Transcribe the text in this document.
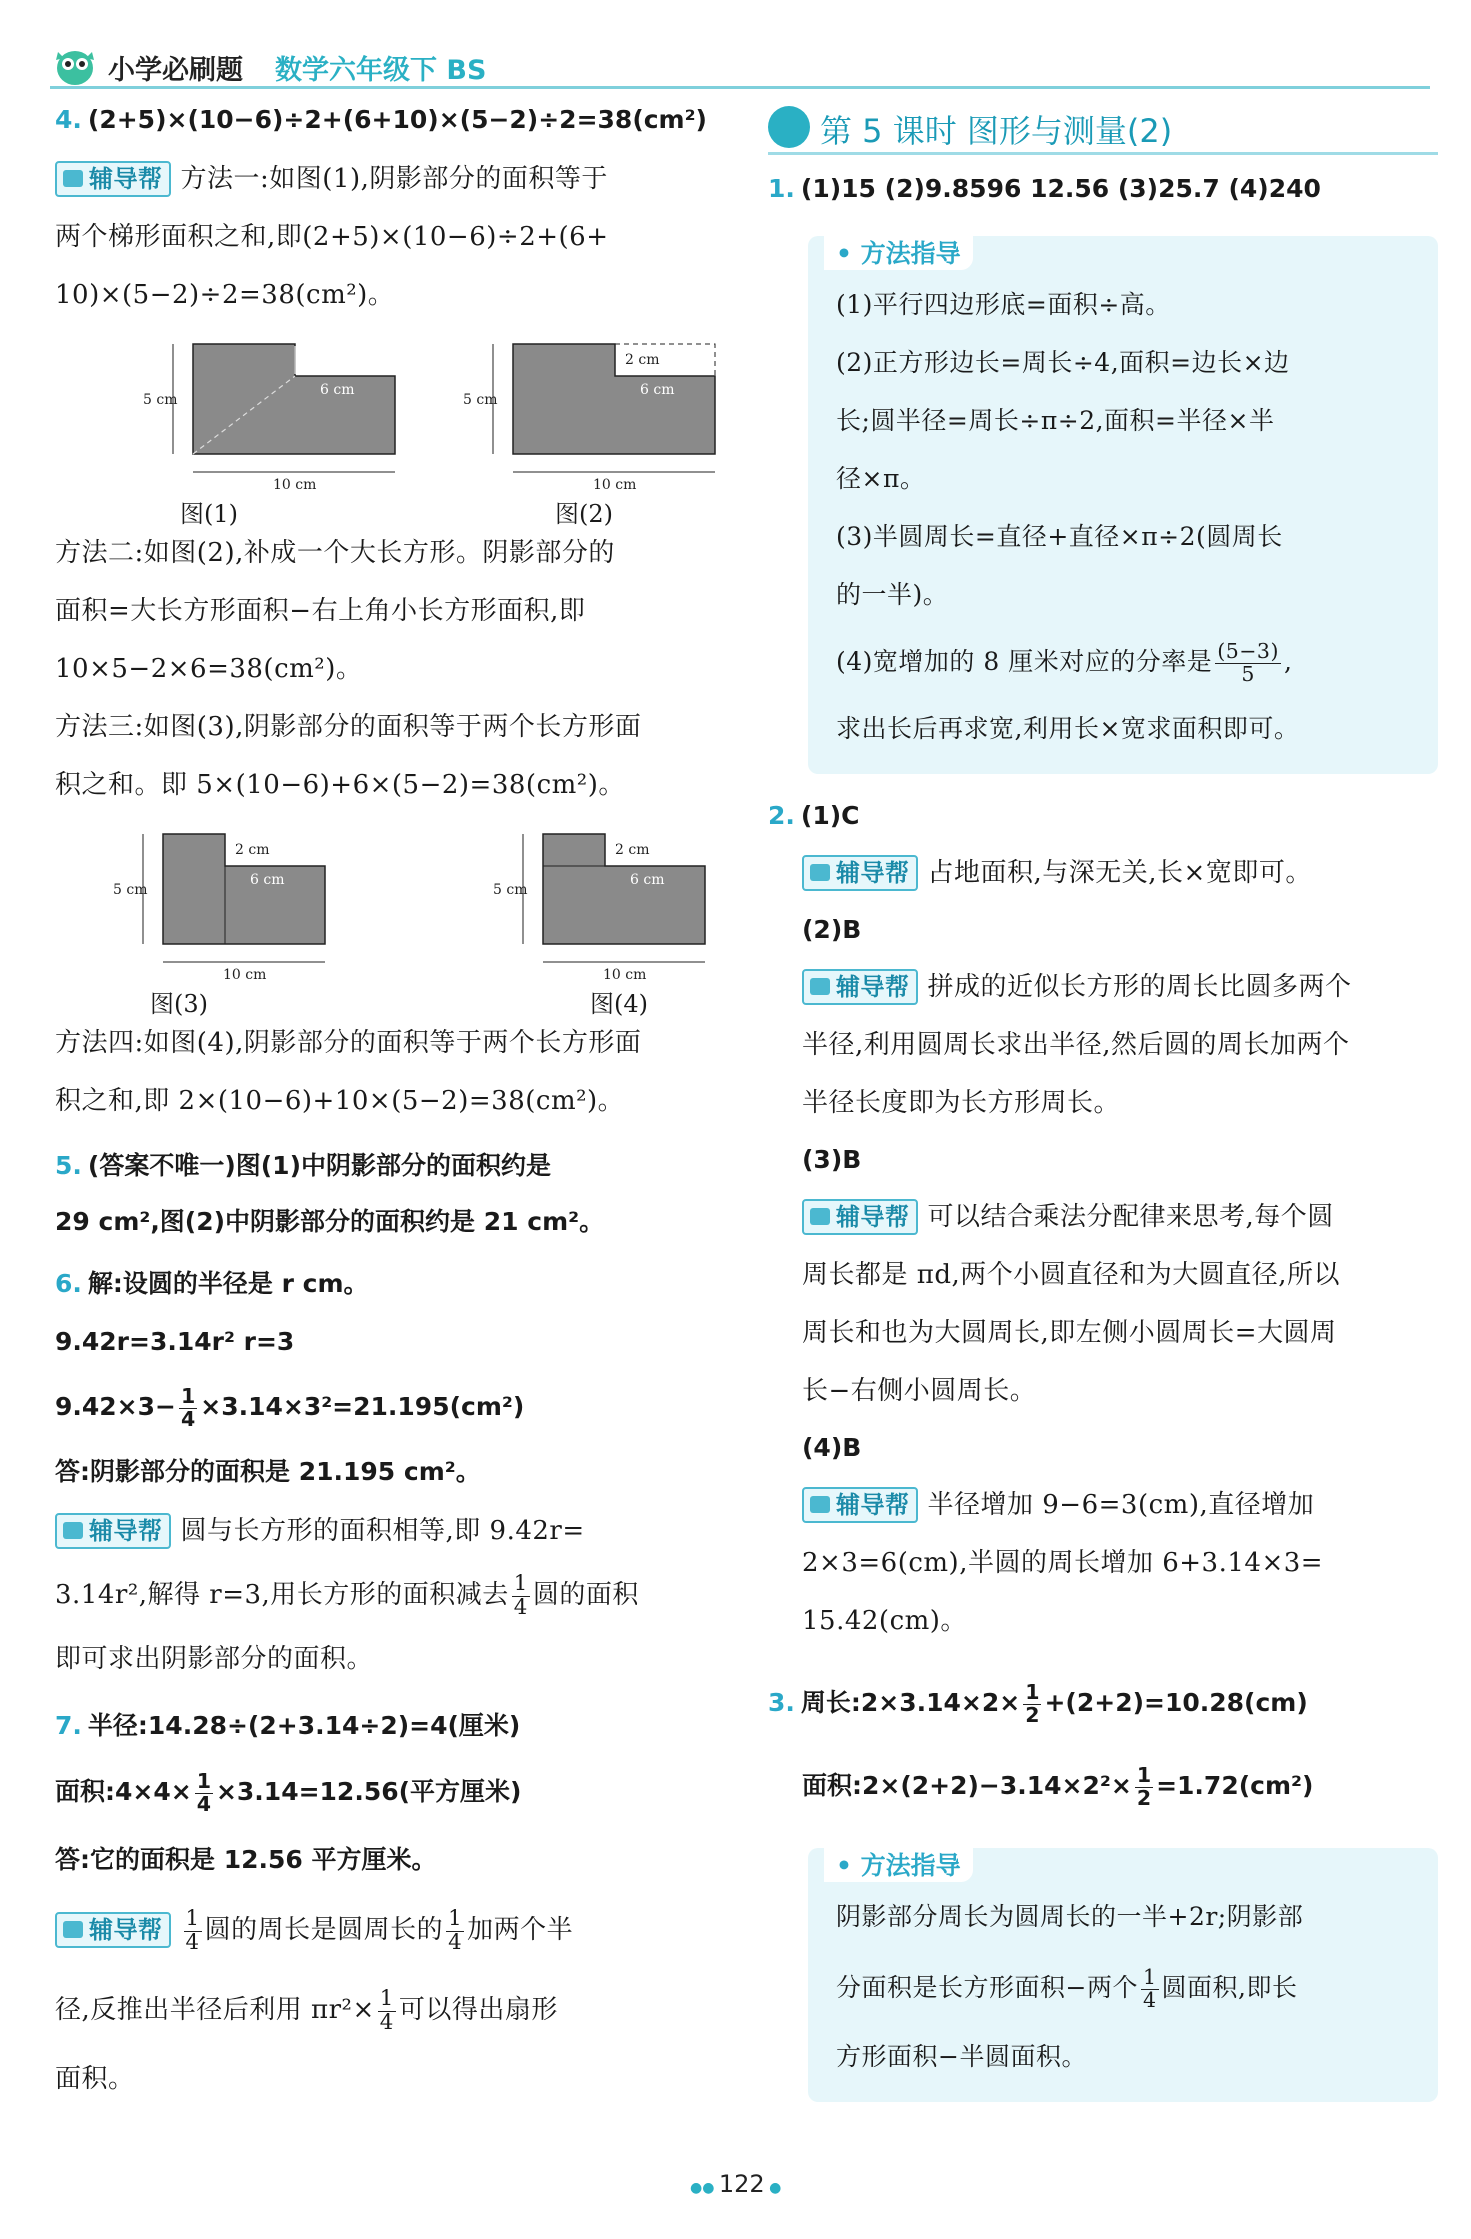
小学必刷题 数学六年级下 BS

4. (2+5)×(10−6)÷2+(6+10)×(5−2)÷2=38(cm²)

辅导帮 方法一:如图(1),阴影部分的面积等于

两个梯形面积之和,即(2+5)×(10−6)÷2+(6+

10)×(5−2)÷2=38(cm²)。

2 cm
6 cm
5 cm
10 cm
图(1)
2 cm
6 cm
5 cm
10 cm
图(2)

方法二:如图(2),补成一个大长方形。阴影部分的

面积=大长方形面积−右上角小长方形面积,即

10×5−2×6=38(cm²)。

方法三:如图(3),阴影部分的面积等于两个长方形面

积之和。即 5×(10−6)+6×(5−2)=38(cm²)。

2 cm
6 cm
5 cm
10 cm
图(3)
2 cm
6 cm
5 cm
10 cm
图(4)

方法四:如图(4),阴影部分的面积等于两个长方形面

积之和,即 2×(10−6)+10×(5−2)=38(cm²)。

5. (答案不唯一)图(1)中阴影部分的面积约是

29 cm²,图(2)中阴影部分的面积约是 21 cm²。

6. 解:设圆的半径是 r cm。

9.42r=3.14r² r=3

$9.42\times 3- \frac{1}{4} \times 3.14\times 3^2=21.195(cm^2)$

答:阴影部分的面积是 21.195 cm²。

辅导帮 圆与长方形的面积相等,即 9.42r=

3.14r²,解得 r=3,用长方形的面积减去 $\frac{1}{4}$ 圆的面积

即可求出阴影部分的面积。

7. 半径:14.28÷(2+3.14÷2)=4(厘米)

面积:4×4× $\frac{1}{4} \times 3.14=12.56$(平方厘米)

答:它的面积是 12.56 平方厘米。

辅导帮 $\frac{1}{4}$ 圆的周长是圆周长的 $\frac{1}{4}$ 加两个半

径,反推出半径后利用 $\pi r^2\times \frac{1}{4}$ 可以得出扇形

面积。

第 5 课时 图形与测量(2)

1. (1)15 (2)9.8596 12.56 (3)25.7 (4)240

• 方法指导

(1)平行四边形底=面积÷高。

(2)正方形边长=周长÷4,面积=边长×边

长;圆半径=周长÷π÷2,面积=半径×半

径×π。

(3)半圆周长=直径+直径×π÷2(圆周长

的一半)。

(4)宽增加的 8 厘米对应的分率是 $\frac{(5-3)}{5}$ ,

求出长后再求宽,利用长×宽求面积即可。

2. (1)C

辅导帮 占地面积,与深无关,长×宽即可。

(2)B

辅导帮 拼成的近似长方形的周长比圆多两个

半径,利用圆周长求出半径,然后圆的周长加两个

半径长度即为长方形周长。

(3)B

辅导帮 可以结合乘法分配律来思考,每个圆

周长都是 πd,两个小圆直径和为大圆直径,所以

周长和也为大圆周长,即左侧小圆周长=大圆周

长−右侧小圆周长。

(4)B

辅导帮 半径增加 9−6=3(cm),直径增加

2×3=6(cm),半圆的周长增加 6+3.14×3=

15.42(cm)。

3. 周长:2×3.14×2× $\frac{1}{2} +(2+2)=10.28(cm)$

面积:2×(2+2)−3.14×2²× $\frac{1}{2} =1.72(cm^2)$

• 方法指导

阴影部分周长为圆周长的一半+2r;阴影部

分面积是长方形面积−两个 $\frac{1}{4}$ 圆面积,即长

方形面积−半圆面积。

●● 122 ●
